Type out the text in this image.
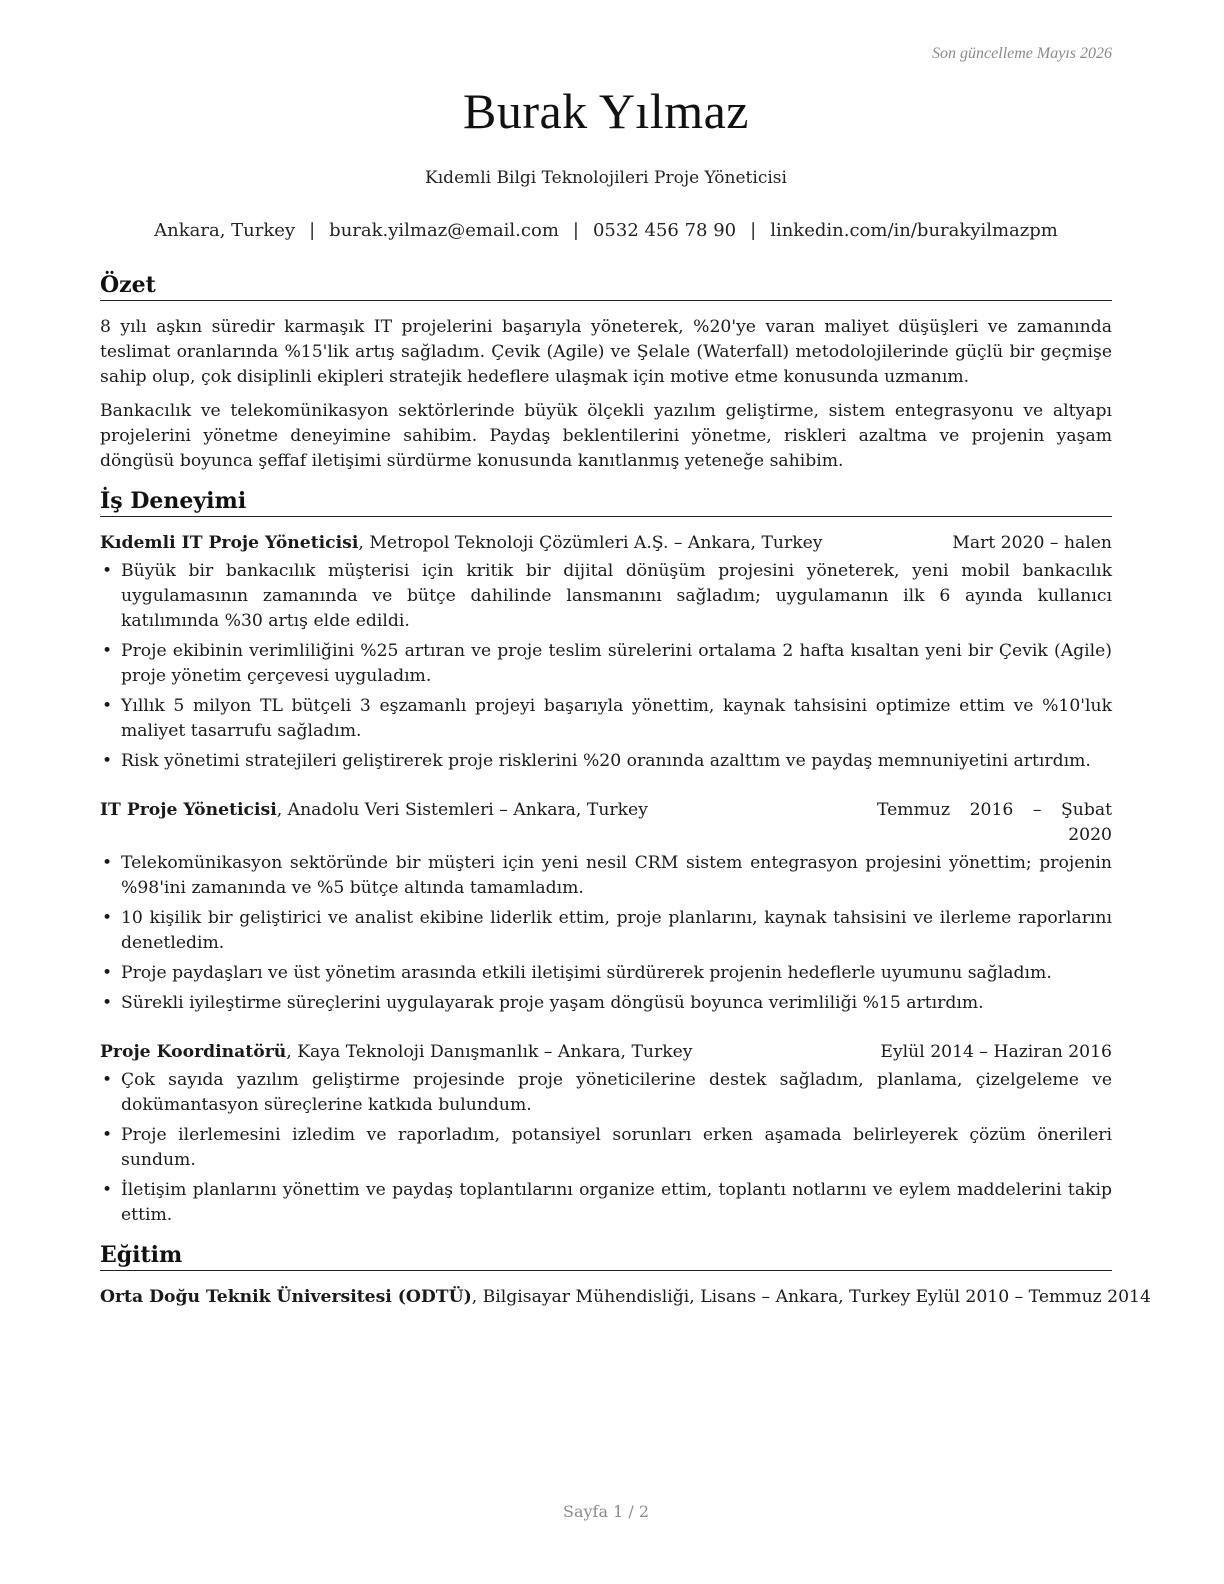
Son güncelleme Mayıs 2026
Burak Yılmaz
Kıdemli Bilgi Teknolojileri Proje Yöneticisi
Ankara, Turkey | burak.yilmaz@email.com | 0532 456 78 90 | linkedin.com/in/burakyilmazpm
Özet

8 yılı aşkın süredir karmaşık IT projelerini başarıyla yöneterek, %20'ye varan maliyet düşüşleri ve zamanında teslimat oranlarında %15'lik artış sağladım. Çevik (Agile) ve Şelale (Waterfall) metodolojilerinde güçlü bir geçmişe sahip olup, çok disiplinli ekipleri stratejik hedeflere ulaşmak için motive etme konusunda uzmanım.

Bankacılık ve telekomünikasyon sektörlerinde büyük ölçekli yazılım geliştirme, sistem entegrasyonu ve altyapı projelerini yönetme deneyimine sahibim. Paydaş beklentilerini yönetme, riskleri azaltma ve projenin yaşam döngüsü boyunca şeffaf iletişimi sürdürme konusunda kanıtlanmış yeteneğe sahibim.

İş Deneyimi
Kıdemli IT Proje Yöneticisi, Metropol Teknoloji Çözümleri A.Ş. – Ankara, Turkey	Mart 2020 – halen
• Büyük bir bankacılık müşterisi için kritik bir dijital dönüşüm projesini yöneterek, yeni mobil bankacılık uygulamasının zamanında ve bütçe dahilinde lansmanını sağladım; uygulamanın ilk 6 ayında kullanıcı katılımında %30 artış elde edildi.
• Proje ekibinin verimliliğini %25 artıran ve proje teslim sürelerini ortalama 2 hafta kısaltan yeni bir Çevik (Agile) proje yönetim çerçevesi uyguladım.
• Yıllık 5 milyon TL bütçeli 3 eşzamanlı projeyi başarıyla yönettim, kaynak tahsisini optimize ettim ve %10'luk maliyet tasarrufu sağladım.
• Risk yönetimi stratejileri geliştirerek proje risklerini %20 oranında azalttım ve paydaş memnuniyetini artırdım.
IT Proje Yöneticisi, Anadolu Veri Sistemleri – Ankara, Turkey	Temmuz 2016 – Şubat 2020
• Telekomünikasyon sektöründe bir müşteri için yeni nesil CRM sistem entegrasyon projesini yönettim; projenin %98'ini zamanında ve %5 bütçe altında tamamladım.
• 10 kişilik bir geliştirici ve analist ekibine liderlik ettim, proje planlarını, kaynak tahsisini ve ilerleme raporlarını denetledim.
• Proje paydaşları ve üst yönetim arasında etkili iletişimi sürdürerek projenin hedeflerle uyumunu sağladım.
• Sürekli iyileştirme süreçlerini uygulayarak proje yaşam döngüsü boyunca verimliliği %15 artırdım.
Proje Koordinatörü, Kaya Teknoloji Danışmanlık – Ankara, Turkey	Eylül 2014 – Haziran 2016
• Çok sayıda yazılım geliştirme projesinde proje yöneticilerine destek sağladım, planlama, çizelgeleme ve dokümantasyon süreçlerine katkıda bulundum.
• Proje ilerlemesini izledim ve raporladım, potansiyel sorunları erken aşamada belirleyerek çözüm önerileri sundum.
• İletişim planlarını yönettim ve paydaş toplantılarını organize ettim, toplantı notlarını ve eylem maddelerini takip ettim.
Eğitim
Orta Doğu Teknik Üniversitesi (ODTÜ), Bilgisayar Mühendisliği, Lisans – Ankara, Turkey Eylül 2010 – Temmuz 2014
Sayfa 1 / 2
